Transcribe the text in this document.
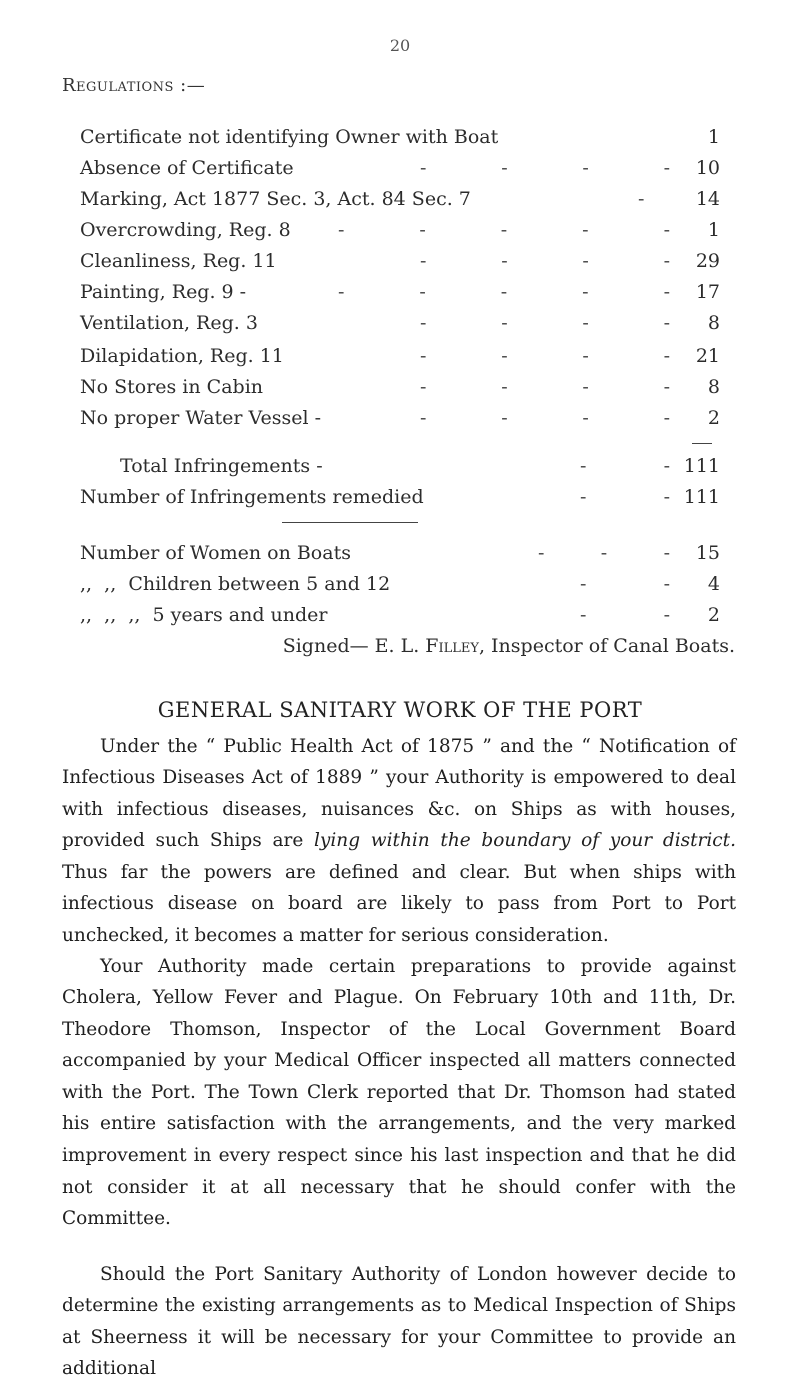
20
Regulations :—
Certificate not identifying Owner with Boat	1
Absence of Certificate	-	-	-	-	10
Marking, Act 1877 Sec. 3, Act. 84 Sec. 7	-	14
Overcrowding, Reg. 8 -	-	-	-	-	1
Cleanliness, Reg. 11	-	-	-	-	29
Painting, Reg. 9 -	-	-	-	-	-	17
Ventilation, Reg. 3	-	-	-	-	8
Dilapidation, Reg. 11	-	-	-	-	21
No Stores in Cabin	-	-	-	-	8
No proper Water Vessel -	-	-	-	-	2
Total Infringements -	-	- 111
Number of Infringements remedied	-	- 111
Number of Women on Boats	-	-	-	15
,,  ,,  Children between 5 and 12	-	-	4
,,  ,,  ,,  5 years and under	-	-	2
Signed— E. L. Filley, Inspector of Canal Boats.
GENERAL SANITARY WORK OF THE PORT

Under the “ Public Health Act of 1875 ” and the “ Notification of Infectious Diseases Act of 1889 ” your Authority is empowered to deal with infectious diseases, nuisances &c. on Ships as with houses, provided such Ships are lying within the boundary of your district. Thus far the powers are defined and clear. But when ships with infectious disease on board are likely to pass from Port to Port unchecked, it becomes a matter for serious consideration.

Your Authority made certain preparations to provide against Cholera, Yellow Fever and Plague. On February 10th and 11th, Dr. Theodore Thomson, Inspector of the Local Government Board accompanied by your Medical Officer inspected all matters connected with the Port. The Town Clerk reported that Dr. Thomson had stated his entire satisfaction with the arrangements, and the very marked improvement in every respect since his last inspection and that he did not consider it at all necessary that he should confer with the Committee.

Should the Port Sanitary Authority of London however decide to determine the existing arrangements as to Medical Inspection of Ships at Sheerness it will be necessary for your Committee to provide an additional
